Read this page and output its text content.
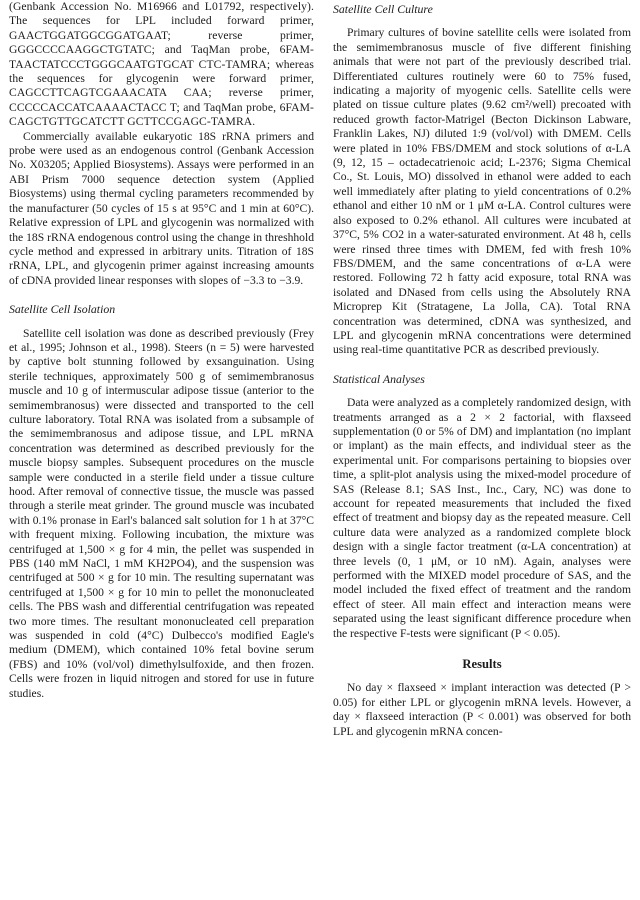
(Genbank Accession No. M16966 and L01792, respectively). The sequences for LPL included forward primer, GAACTGGATGGCGGATGAAT; reverse primer, GGGCCCCAAGGCTGTATC; and TaqMan probe, 6FAM-TAACTATCCCTGGGCAATGTGCAT CTC-TAMRA; whereas the sequences for glycogenin were forward primer, CAGCCTTCAGTCGAAACATA CAA; reverse primer, CCCCCACCATCAAAACTACC T; and TaqMan probe, 6FAM-CAGCTGTTGCATCTT GCTTCCGAGC-TAMRA.

Commercially available eukaryotic 18S rRNA primers and probe were used as an endogenous control (Genbank Accession No. X03205; Applied Biosystems). Assays were performed in an ABI Prism 7000 sequence detection system (Applied Biosystems) using thermal cycling parameters recommended by the manufacturer (50 cycles of 15 s at 95°C and 1 min at 60°C). Relative expression of LPL and glycogenin was normalized with the 18S rRNA endogenous control using the change in threshhold cycle method and expressed in arbitrary units. Titration of 18S rRNA, LPL, and glycogenin primer against increasing amounts of cDNA provided linear responses with slopes of −3.3 to −3.9.

Satellite Cell Isolation

Satellite cell isolation was done as described previously (Frey et al., 1995; Johnson et al., 1998). Steers (n = 5) were harvested by captive bolt stunning followed by exsanguination. Using sterile techniques, approximately 500 g of semimembranosus muscle and 10 g of intermuscular adipose tissue (anterior to the semimembranosus) were dissected and transported to the cell culture laboratory. Total RNA was isolated from a subsample of the semimembranosus and adipose tissue, and LPL mRNA concentration was determined as described previously for the muscle biopsy samples. Subsequent procedures on the muscle sample were conducted in a sterile field under a tissue culture hood. After removal of connective tissue, the muscle was passed through a sterile meat grinder. The ground muscle was incubated with 0.1% pronase in Earl's balanced salt solution for 1 h at 37°C with frequent mixing. Following incubation, the mixture was centrifuged at 1,500 × g for 4 min, the pellet was suspended in PBS (140 mM NaCl, 1 mM KH2PO4), and the suspension was centrifuged at 500 × g for 10 min. The resulting supernatant was centrifuged at 1,500 × g for 10 min to pellet the mononucleated cells. The PBS wash and differential centrifugation was repeated two more times. The resultant mononucleated cell preparation was suspended in cold (4°C) Dulbecco's modified Eagle's medium (DMEM), which contained 10% fetal bovine serum (FBS) and 10% (vol/vol) dimethylsulfoxide, and then frozen. Cells were frozen in liquid nitrogen and stored for use in future studies.

Satellite Cell Culture

Primary cultures of bovine satellite cells were isolated from the semimembranosus muscle of five different finishing animals that were not part of the previously described trial. Differentiated cultures routinely were 60 to 75% fused, indicating a majority of myogenic cells. Satellite cells were plated on tissue culture plates (9.62 cm²/well) precoated with reduced growth factor-Matrigel (Becton Dickinson Labware, Franklin Lakes, NJ) diluted 1:9 (vol/vol) with DMEM. Cells were plated in 10% FBS/DMEM and stock solutions of α-LA (9, 12, 15 – octadecatrienoic acid; L-2376; Sigma Chemical Co., St. Louis, MO) dissolved in ethanol were added to each well immediately after plating to yield concentrations of 0.2% ethanol and either 10 nM or 1 μM α-LA. Control cultures were also exposed to 0.2% ethanol. All cultures were incubated at 37°C, 5% CO2 in a water-saturated environment. At 48 h, cells were rinsed three times with DMEM, fed with fresh 10% FBS/DMEM, and the same concentrations of α-LA were restored. Following 72 h fatty acid exposure, total RNA was isolated and DNased from cells using the Absolutely RNA Microprep Kit (Stratagene, La Jolla, CA). Total RNA concentration was determined, cDNA was synthesized, and LPL and glycogenin mRNA concentrations were determined using real-time quantitative PCR as described previously.

Statistical Analyses

Data were analyzed as a completely randomized design, with treatments arranged as a 2 × 2 factorial, with flaxseed supplementation (0 or 5% of DM) and implantation (no implant or implant) as the main effects, and individual steer as the experimental unit. For comparisons pertaining to biopsies over time, a split-plot analysis using the mixed-model procedure of SAS (Release 8.1; SAS Inst., Inc., Cary, NC) was done to account for repeated measurements that included the fixed effect of treatment and biopsy day as the repeated measure. Cell culture data were analyzed as a randomized complete block design with a single factor treatment (α-LA concentration) at three levels (0, 1 μM, or 10 nM). Again, analyses were performed with the MIXED model procedure of SAS, and the model included the fixed effect of treatment and the random effect of steer. All main effect and interaction means were separated using the least significant difference procedure when the respective F-tests were significant (P < 0.05).

Results

No day × flaxseed × implant interaction was detected (P > 0.05) for either LPL or glycogenin mRNA levels. However, a day × flaxseed interaction (P < 0.001) was observed for both LPL and glycogenin mRNA concen-
